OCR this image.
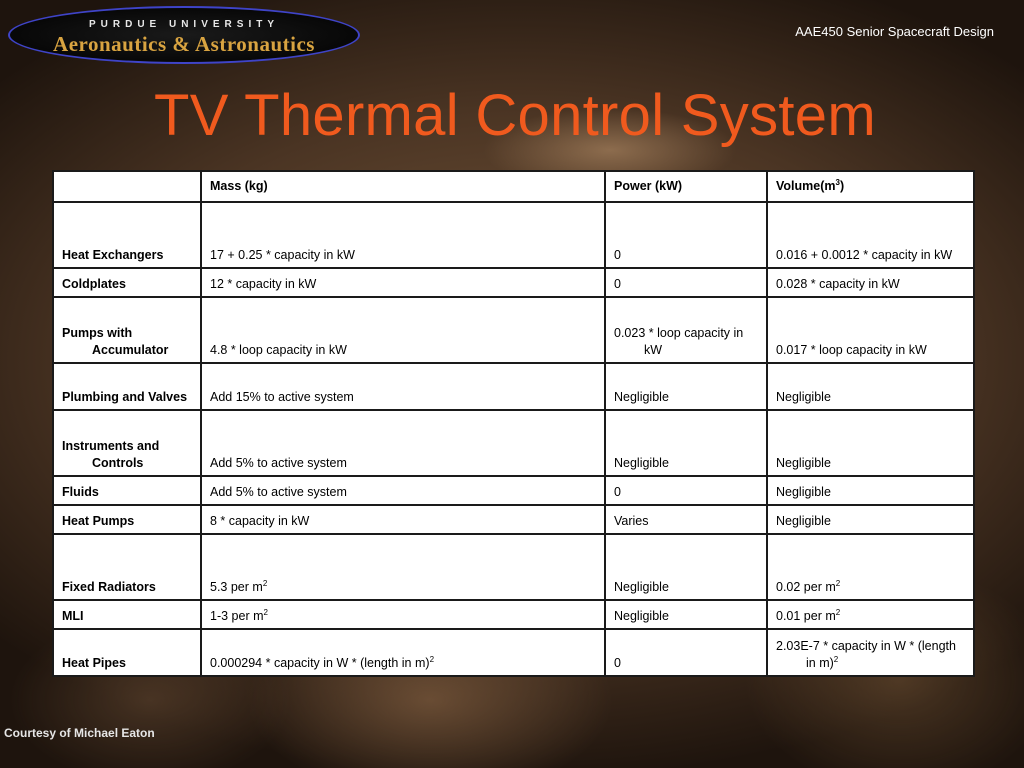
PURDUE UNIVERSITY
Aeronautics & Astronautics
AAE450 Senior Spacecraft Design
TV Thermal Control System
	Mass (kg)	Power (kW)	$Volume(m^3)$
Heat Exchangers	17 + 0.25 * capacity in kW	0	0.016 + 0.0012 * capacity in kW
Coldplates	12 * capacity in kW	0	0.028 * capacity in kW
Pumps with Accumulator	4.8 * loop capacity in kW	0.023 * loop capacity in kW	0.017 * loop capacity in kW
Plumbing and Valves	Add 15% to active system	Negligible	Negligible
Instruments and Controls	Add 5% to active system	Negligible	Negligible
Fluids	Add 5% to active system	0	Negligible
Heat Pumps	8 * capacity in kW	Varies	Negligible
Fixed Radiators	5.3 per $m^2$	Negligible	0.02 per $m^2$
MLI	1-3 per $m^2$	Negligible	0.01 per $m^2$
Heat Pipes	0.000294 * capacity in W * (length in m)$^2$	0	2.03E-7 * capacity in W * (length in m)$^2$
Courtesy of Michael Eaton
